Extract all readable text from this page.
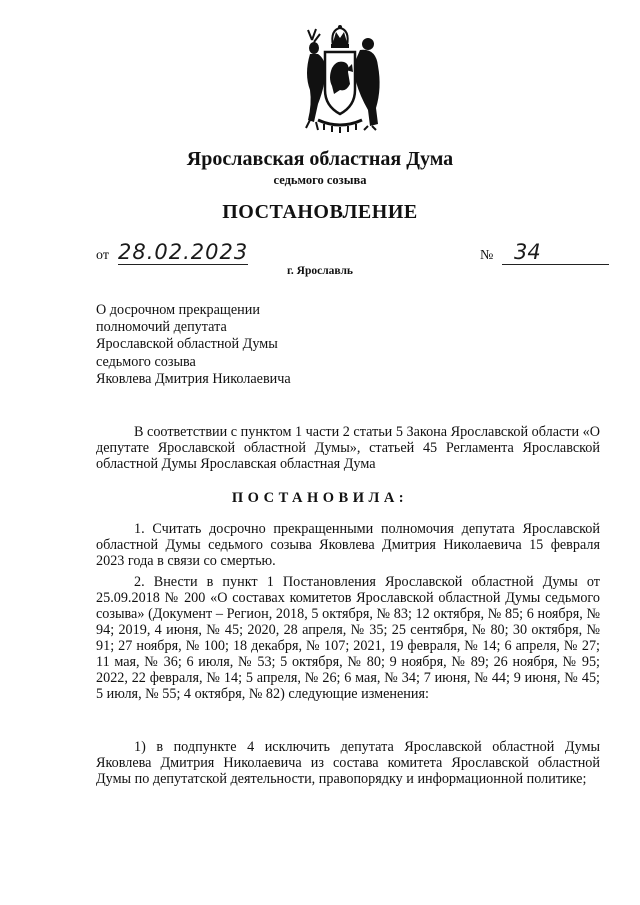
Ярославская областная Дума
седьмого созыва
ПОСТАНОВЛЕНИЕ
от 28.02.2023	№ 34
г. Ярославль
О досрочном прекращении
полномочий депутата
Ярославской областной Думы
седьмого созыва
Яковлева Дмитрия Николаевича
В соответствии с пунктом 1 части 2 статьи 5 Закона Ярославской области «О депутате Ярославской областной Думы», статьей 45 Регламента Ярославской областной Думы Ярославская областная Дума
ПОСТАНОВИЛА:
1. Считать досрочно прекращенными полномочия депутата Ярославской областной Думы седьмого созыва Яковлева Дмитрия Николаевича 15 февраля 2023 года в связи со смертью.
2. Внести в пункт 1 Постановления Ярославской областной Думы от 25.09.2018 № 200 «О составах комитетов Ярославской областной Думы седьмого созыва» (Документ – Регион, 2018, 5 октября, № 83; 12 октября, № 85; 6 ноября, № 94; 2019, 4 июня, № 45; 2020, 28 апреля, № 35; 25 сентября, № 80; 30 октября, № 91; 27 ноября, № 100; 18 декабря, № 107; 2021, 19 февраля, № 14; 6 апреля, № 27; 11 мая, № 36; 6 июля, № 53; 5 октября, № 80; 9 ноября, № 89; 26 ноября, № 95; 2022, 22 февраля, № 14; 5 апреля, № 26; 6 мая, № 34; 7 июня, № 44; 9 июня, № 45; 5 июля, № 55; 4 октября, № 82) следующие изменения:
1) в подпункте 4 исключить депутата Ярославской областной Думы Яковлева Дмитрия Николаевича из состава комитета Ярославской областной Думы по депутатской деятельности, правопорядку и информационной политике;
